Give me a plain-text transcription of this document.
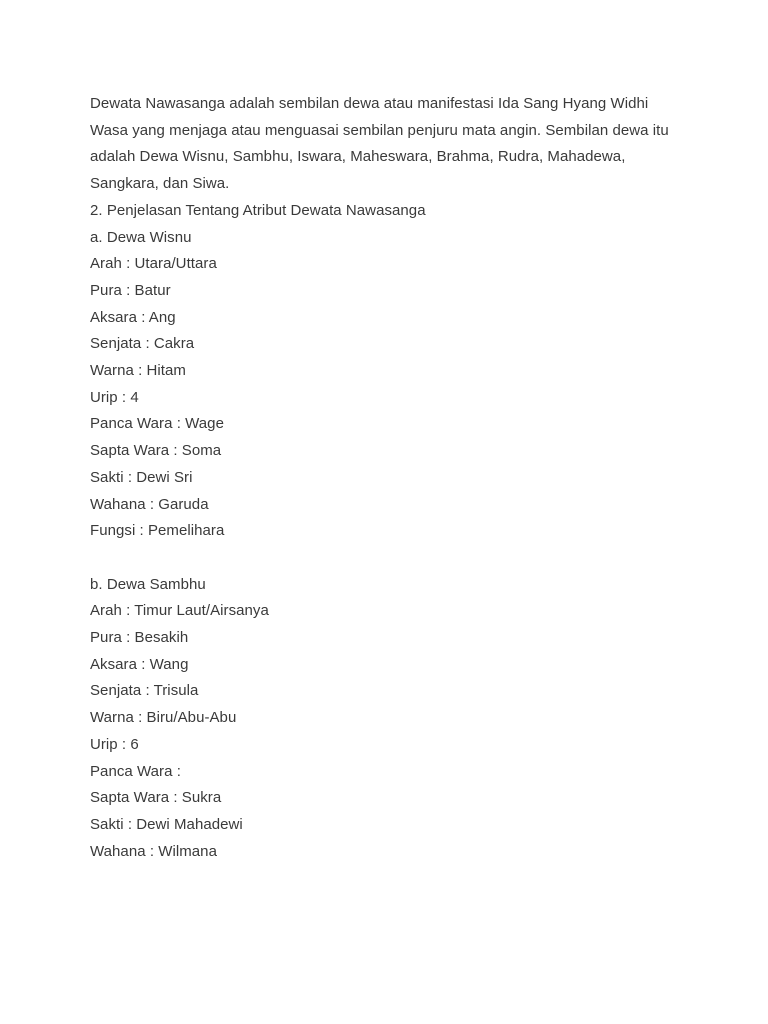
Dewata Nawasanga adalah sembilan dewa atau manifestasi Ida Sang Hyang Widhi Wasa yang menjaga atau menguasai sembilan penjuru mata angin. Sembilan dewa itu adalah Dewa Wisnu, Sambhu, Iswara, Maheswara, Brahma, Rudra, Mahadewa, Sangkara, dan Siwa.

2. Penjelasan Tentang Atribut Dewata Nawasanga

a. Dewa Wisnu

Arah : Utara/Uttara

Pura : Batur

Aksara : Ang

Senjata : Cakra

Warna : Hitam

Urip : 4

Panca Wara : Wage

Sapta Wara : Soma

Sakti : Dewi Sri

Wahana : Garuda

Fungsi : Pemelihara

b. Dewa Sambhu

Arah : Timur Laut/Airsanya

Pura : Besakih

Aksara : Wang

Senjata : Trisula

Warna : Biru/Abu-Abu

Urip : 6

Panca Wara :

Sapta Wara : Sukra

Sakti : Dewi Mahadewi

Wahana : Wilmana
